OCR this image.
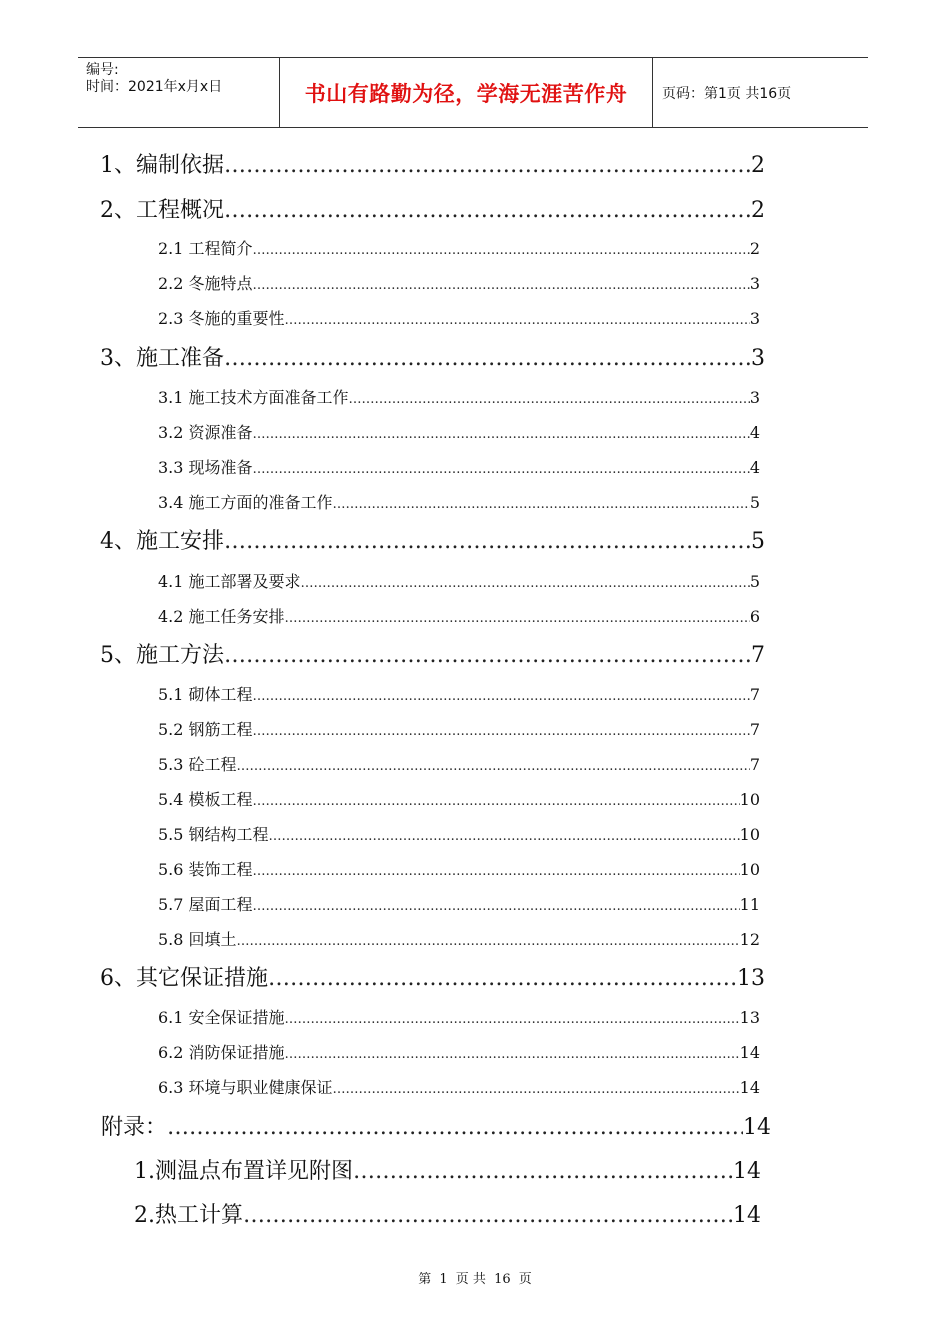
编号:
时间：2021年x月x日	书山有路勤为径，学海无涯苦作舟	页码：第1页 共16页
1、 编制依据 …………………………………………………………………………………………………………………………………………………………………………	2
2、 工程概况 …………………………………………………………………………………………………………………………………………………………………………	2
2.1 工程简介 …………………………………………………………………………………………………………………………………………………………………………	2
2.2 冬施特点 …………………………………………………………………………………………………………………………………………………………………………	3
2.3 冬施的重要性 …………………………………………………………………………………………………………………………………………………………………………	3
3、 施工准备 …………………………………………………………………………………………………………………………………………………………………………	3
3.1 施工技术方面准备工作 …………………………………………………………………………………………………………………………………………………………………………	3
3.2 资源准备 …………………………………………………………………………………………………………………………………………………………………………	4
3.3 现场准备 …………………………………………………………………………………………………………………………………………………………………………	4
3.4 施工方面的准备工作 …………………………………………………………………………………………………………………………………………………………………………	5
4、 施工安排 …………………………………………………………………………………………………………………………………………………………………………	5
4.1 施工部署及要求 …………………………………………………………………………………………………………………………………………………………………………	5
4.2 施工任务安排 …………………………………………………………………………………………………………………………………………………………………………	6
5、 施工方法 …………………………………………………………………………………………………………………………………………………………………………	7
5.1 砌体工程 …………………………………………………………………………………………………………………………………………………………………………	7
5.2 钢筋工程 …………………………………………………………………………………………………………………………………………………………………………	7
5.3 砼工程 …………………………………………………………………………………………………………………………………………………………………………	7
5.4 模板工程 …………………………………………………………………………………………………………………………………………………………………………	10
5.5 钢结构工程 …………………………………………………………………………………………………………………………………………………………………………	10
5.6 装饰工程 …………………………………………………………………………………………………………………………………………………………………………	10
5.7 屋面工程 …………………………………………………………………………………………………………………………………………………………………………	11
5.8 回填土 …………………………………………………………………………………………………………………………………………………………………………	12
6、 其它保证措施 …………………………………………………………………………………………………………………………………………………………………………	13
6.1 安全保证措施 …………………………………………………………………………………………………………………………………………………………………………	13
6.2 消防保证措施 …………………………………………………………………………………………………………………………………………………………………………	14
6.3 环境与职业健康保证 …………………………………………………………………………………………………………………………………………………………………………	14
附录： …………………………………………………………………………………………………………………………………………………………………………	14
1. 测温点布置详见附图 …………………………………………………………………………………………………………………………………………………………………………	14
2. 热工计算 …………………………………………………………………………………………………………………………………………………………………………	14
第 1 页 共 16 页
